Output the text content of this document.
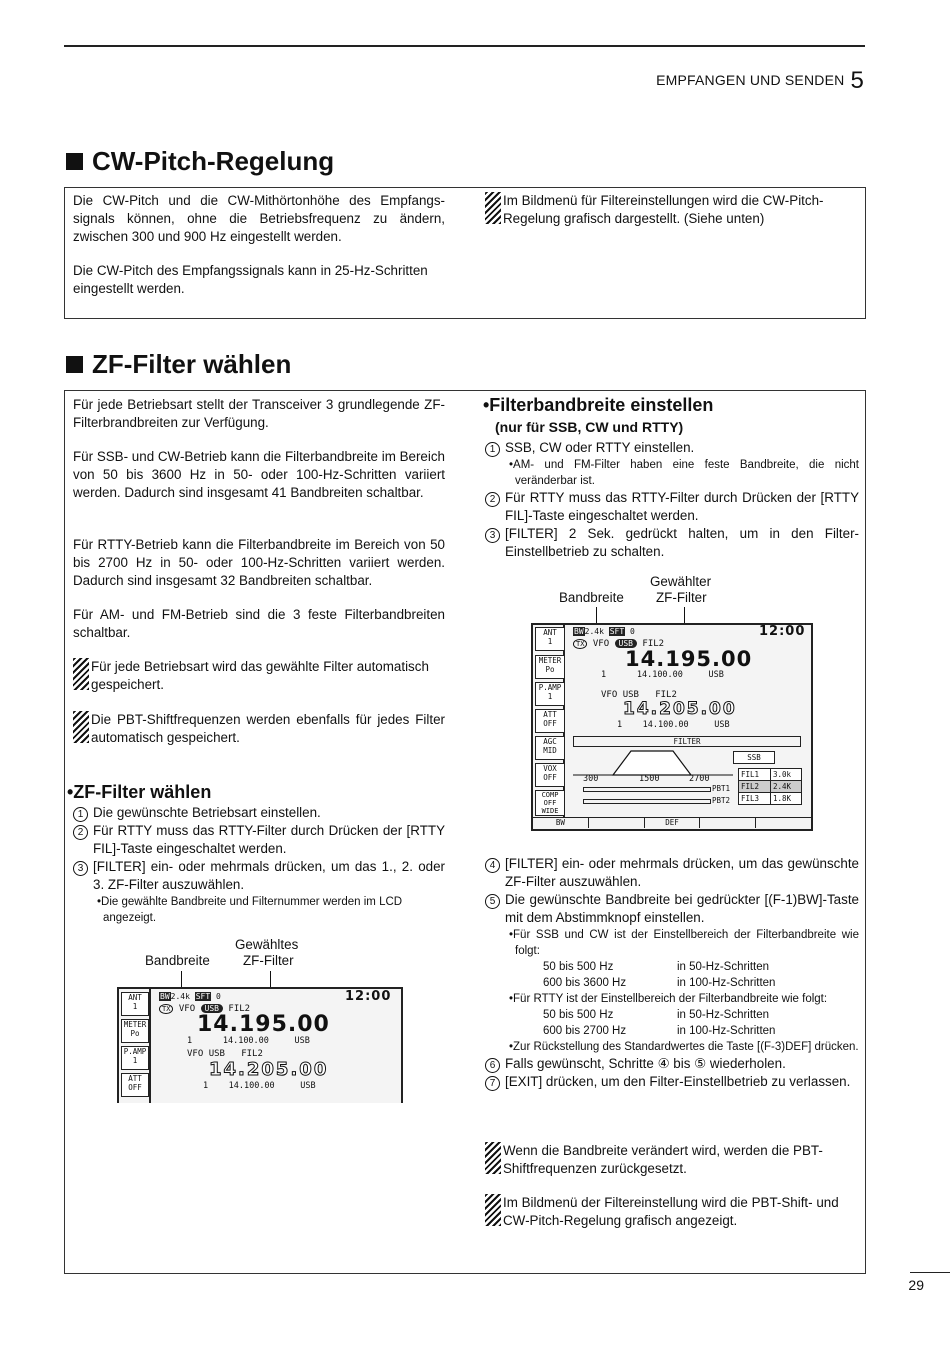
EMPFANGEN UND SENDEN 5
CW-Pitch-Regelung

Die CW-Pitch und die CW-Mithörtonhöhe des Empfangs-signals können, ohne die Betriebsfrequenz zu ändern, zwischen 300 und 900 Hz eingestellt werden.

Die CW-Pitch des Empfangssignals kann in 25-Hz-Schritten eingestellt werden.

Im Bildmenü für Filtereinstellungen wird die CW-Pitch-Regelung grafisch dargestellt. (Siehe unten)
ZF-Filter wählen

Für jede Betriebsart stellt der Transceiver 3 grundlegende ZF-Filterbrandbreiten zur Verfügung.

Für SSB- und CW-Betrieb kann die Filterbandbreite im Bereich von 50 bis 3600 Hz in 50- oder 100-Hz-Schritten variiert werden. Dadurch sind insgesamt 41 Bandbreiten schaltbar.

Für RTTY-Betrieb kann die Filterbandbreite im Bereich von 50 bis 2700 Hz in 50- oder 100-Hz-Schritten variiert werden. Dadurch sind insgesamt 32 Bandbreiten schaltbar.

Für AM- und FM-Betrieb sind die 3 feste Filterbandbreiten schaltbar.

Für jede Betriebsart wird das gewählte Filter automatisch gespeichert.
Die PBT-Shiftfrequenzen werden ebenfalls für jedes Filter automatisch gespeichert.
•ZF-Filter wählen
1 Die gewünschte Betriebsart einstellen.
2 Für RTTY muss das RTTY-Filter durch Drücken der [RTTY FIL]-Taste eingeschaltet werden.
3 [FILTER] ein- oder mehrmals drücken, um das 1., 2. oder 3. ZF-Filter auszuwählen.
•Die gewählte Bandbreite und Filternummer werden im LCD angezeigt.
Gewähltes
Bandbreite ZF-Filter
ANT
1
METER
Po
P.AMP
1
ATT
OFF
BW2.4k SFT 0	12:00
TX VFO USB FIL2
14.195.00
1	14.100.00	USB
VFO USB FIL2
14.205.00
1 14.100.00	USB
•Filterbandbreite einstellen
(nur für SSB, CW und RTTY)
1 SSB, CW oder RTTY einstellen.
•AM- und FM-Filter haben eine feste Bandbreite, die nicht veränderbar ist.
2 Für RTTY muss das RTTY-Filter durch Drücken der [RTTY FIL]-Taste eingeschaltet werden.
3 [FILTER] 2 Sek. gedrückt halten, um in den Filter-Einstellbetrieb zu schalten.
Gewählter
Bandbreite ZF-Filter
ANT
1
METER
Po
P.AMP
1
ATT
OFF
AGC
MID
VOX
OFF
COMP
OFF
WIDE
BW2.4k SFT 0	12:00
TX VFO USB FIL2
14.195.00
1	14.100.00	USB
VFO USB FIL2
14.205.00
1 14.100.00	USB
FILTER
SSB
300	1500	2700
PBT1
PBT2
FIL1	3.0k
FIL2	2.4K
FIL3	1.8K
BW	DEF
4 [FILTER] ein- oder mehrmals drücken, um das gewünschte ZF-Filter auszuwählen.
5 Die gewünschte Bandbreite bei gedrückter [(F-1)BW]-Taste mit dem Abstimmknopf einstellen.
•Für SSB und CW ist der Einstellbereich der Filterbandbreite wie folgt:
50 bis 500 Hz	in 50-Hz-Schritten
600 bis 3600 Hz	in 100-Hz-Schritten
•Für RTTY ist der Einstellbereich der Filterbandbreite wie folgt:
50 bis 500 Hz	in 50-Hz-Schritten
600 bis 2700 Hz	in 100-Hz-Schritten
•Zur Rückstellung des Standardwertes die Taste [(F-3)DEF] drücken.
6 Falls gewünscht, Schritte ④ bis ⑤ wiederholen.
7 [EXIT] drücken, um den Filter-Einstellbetrieb zu verlassen.
Wenn die Bandbreite verändert wird, werden die PBT-Shiftfrequenzen zurückgesetzt.
Im Bildmenü der Filtereinstellung wird die PBT-Shift- und CW-Pitch-Regelung grafisch angezeigt.
29
